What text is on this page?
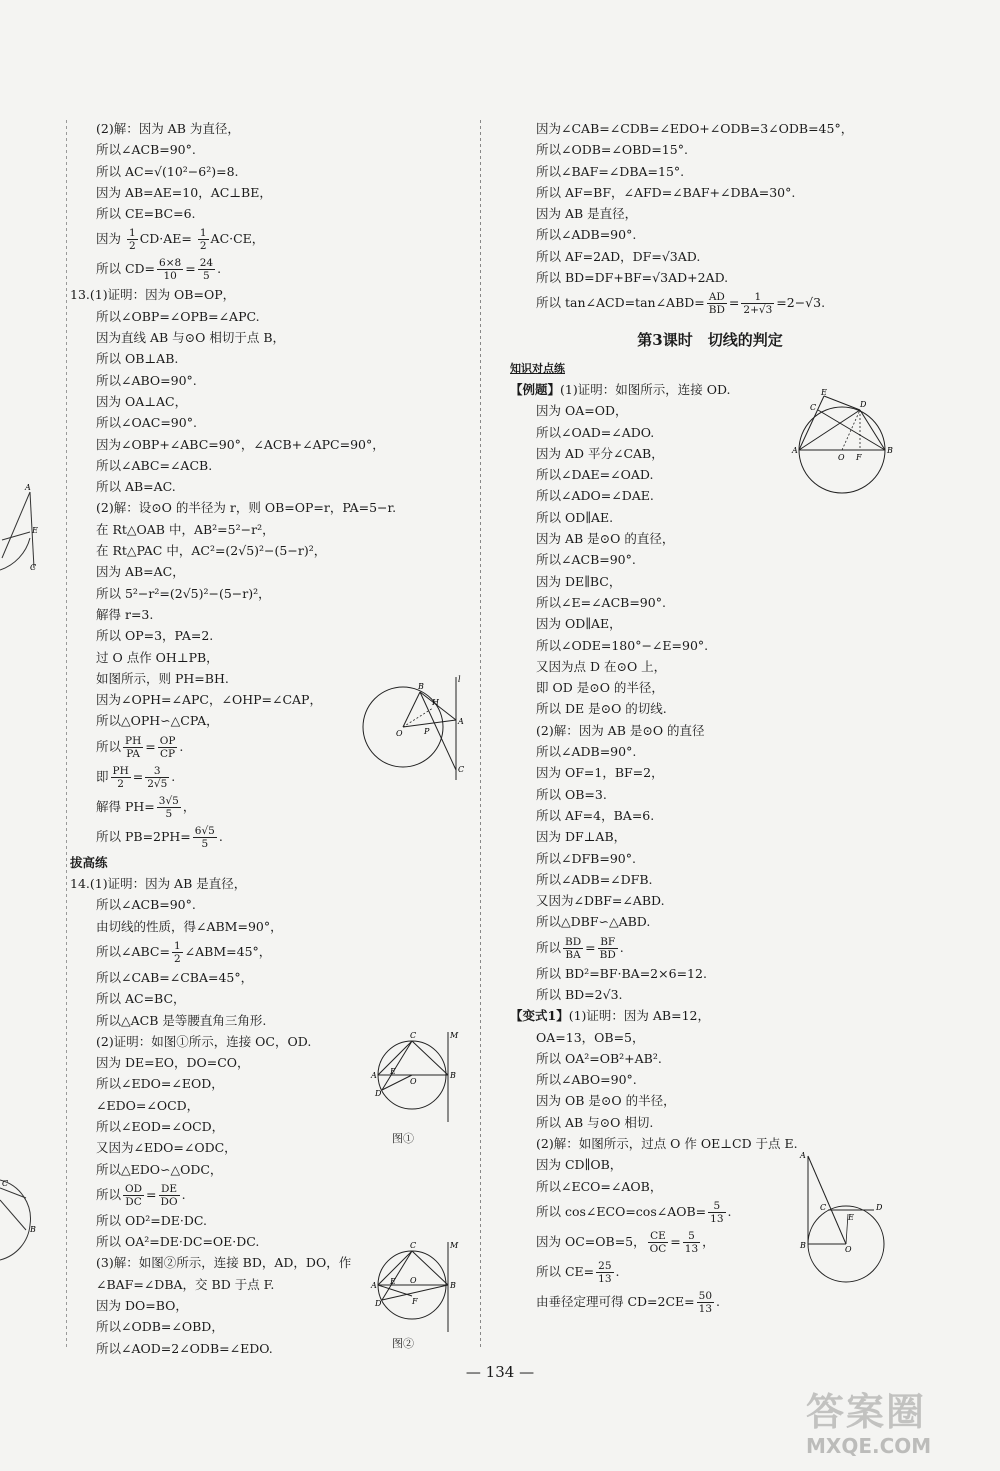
A
E
C
C
B
(2)解：因为 AB 为直径，
所以∠ACB=90°.
所以 AC=√(10²−6²)=8.
因为 AB=AE=10，AC⊥BE，
所以 CE=BC=6.
因为 $\frac{1}{2} CD\cdot AE= \frac{1}{2} AC\cdot CE$，
所以 $CD= \frac{6\times 8}{10} = \frac{24}{5}$ .
13.(1)证明：因为 OB=OP，
所以∠OBP=∠OPB=∠APC.
因为直线 AB 与⊙O 相切于点 B，
所以 OB⊥AB.
所以∠ABO=90°.
因为 OA⊥AC，
所以∠OAC=90°.
因为∠OBP+∠ABC=90°，∠ACB+∠APC=90°，
所以∠ABC=∠ACB.
所以 AB=AC.
(2)解：设⊙O 的半径为 r，则 OB=OP=r，PA=5−r.
在 Rt△OAB 中，AB²=5²−r²，
在 Rt△PAC 中，AC²=(2√5)²−(5−r)²，
因为 AB=AC，
所以 5²−r²=(2√5)²−(5−r)²，
解得 r=3.
所以 OP=3，PA=2.
过 O 点作 OH⊥PB，
如图所示，则 PH=BH.
因为∠OPH=∠APC，∠OHP=∠CAP，
所以△OPH∽△CPA，
所以 $\frac{PH}{PA} = \frac{OP}{CP}$ .
即 $\frac{PH}{2} = \frac{3}{2√5}$ .
解得 $PH= \frac{3√5}{5}$ ，
所以 $PB=2PH= \frac{6√5}{5}$ .
拔高练
14.(1)证明：因为 AB 是直径，
所以∠ACB=90°.
由切线的性质，得∠ABM=90°，
所以∠ABC= $\frac{1}{2}$ ∠ABM=45°，
所以∠CAB=∠CBA=45°，
所以 AC=BC，
所以△ACB 是等腰直角三角形.
(2)证明：如图①所示，连接 OC，OD.
因为 DE=EO，DO=CO，
所以∠EDO=∠EOD，
∠EDO=∠OCD，
所以∠EOD=∠OCD，
又因为∠EDO=∠ODC，
所以△EDO∽△ODC，
所以 $\frac{OD}{DC} = \frac{DE}{DO}$ .
所以 OD²=DE·DC.
所以 OA²=DE·DC=OE·DC.
(3)解：如图②所示，连接 BD，AD，DO，作
∠BAF=∠DBA，交 BD 于点 F.
因为 DO=BO，
所以∠ODB=∠OBD，
所以∠AOD=2∠ODB=∠EDO.
O
B
H
P
A
C
l
C
A E
O
D
B
M
图①
C
A E O
F
D
B
M
图②
因为∠CAB=∠CDB=∠EDO+∠ODB=3∠ODB=45°，
所以∠ODB=∠OBD=15°.
所以∠BAF=∠DBA=15°.
所以 AF=BF，∠AFD=∠BAF+∠DBA=30°.
因为 AB 是直径，
所以∠ADB=90°.
所以 AF=2AD，DF=√3AD.
所以 BD=DF+BF=√3AD+2AD.
所以 tan∠ACD=tan∠ABD= $\frac{AD}{BD} = \frac{1}{2+√3} =2-√3$.
第3课时　切线的判定
知识对点练
【例题】(1)证明：如图所示，连接 OD.
因为 OA=OD，
所以∠OAD=∠ADO.
因为 AD 平分∠CAB，
所以∠DAE=∠OAD.
所以∠ADO=∠DAE.
所以 OD∥AE.
因为 AB 是⊙O 的直径，
所以∠ACB=90°.
因为 DE∥BC，
所以∠E=∠ACB=90°.
因为 OD∥AE，
所以∠ODE=180°−∠E=90°.
又因为点 D 在⊙O 上，
即 OD 是⊙O 的半径，
所以 DE 是⊙O 的切线.
(2)解：因为 AB 是⊙O 的直径
所以∠ADB=90°.
因为 OF=1，BF=2，
所以 OB=3.
所以 AF=4，BA=6.
因为 DF⊥AB，
所以∠DFB=90°.
所以∠ADB=∠DFB.
又因为∠DBF=∠ABD.
所以△DBF∽△ABD.
所以 $\frac{BD}{BA} = \frac{BF}{BD}$ .
所以 BD²=BF·BA=2×6=12.
所以 BD=2√3.
【变式1】(1)证明：因为 AB=12，
OA=13，OB=5，
所以 OA²=OB²+AB².
所以∠ABO=90°.
因为 OB 是⊙O 的半径，
所以 AB 与⊙O 相切.
(2)解：如图所示，过点 O 作 OE⊥CD 于点 E.
因为 CD∥OB，
所以∠ECO=∠AOB，
所以 cos∠ECO=cos∠AOB= $\frac{5}{13}$ .
因为 OC=OB=5， $\frac{CE}{OC} = \frac{5}{13}$ ，
所以 $CE= \frac{25}{13}$ .
由垂径定理可得 $CD=2CE= \frac{50}{13}$ .
E
C	D
A
O F
B
A
B	O
C	D
E
— 134 —
答案圈
MXQE.COM
